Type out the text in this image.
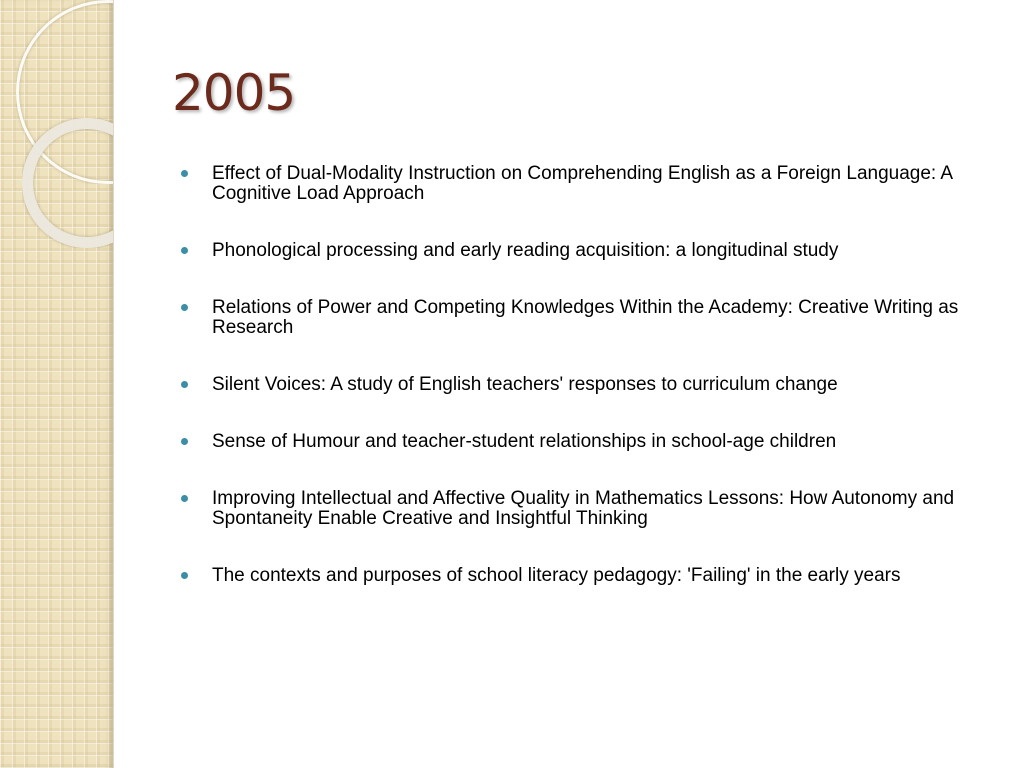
2005
Effect of Dual-Modality Instruction on Comprehending English as a Foreign Language: A Cognitive Load Approach
Phonological processing and early reading acquisition: a longitudinal study
Relations of Power and Competing Knowledges Within the Academy: Creative Writing as Research
Silent Voices: A study of English teachers' responses to curriculum change
Sense of Humour and teacher-student relationships in school-age children
Improving Intellectual and Affective Quality in Mathematics Lessons: How Autonomy and Spontaneity Enable Creative and Insightful Thinking
The contexts and purposes of school literacy pedagogy: 'Failing' in the early years
